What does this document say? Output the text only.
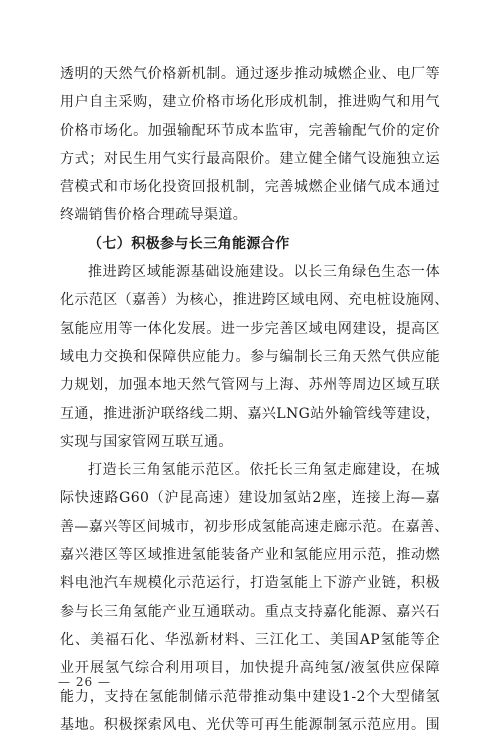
透明的天然气价格新机制。通过逐步推动城燃企业、电厂等
用户自主采购，建立价格市场化形成机制，推进购气和用气
价格市场化。加强输配环节成本监审，完善输配气价的定价
方式；对民生用气实行最高限价。建立健全储气设施独立运
营模式和市场化投资回报机制，完善城燃企业储气成本通过
终端销售价格合理疏导渠道。
（七）积极参与长三角能源合作
推进跨区域能源基础设施建设。以长三角绿色生态一体
化示范区（嘉善）为核心，推进跨区域电网、充电桩设施网、
氢能应用等一体化发展。进一步完善区域电网建设，提高区
域电力交换和保障供应能力。参与编制长三角天然气供应能
力规划，加强本地天然气管网与上海、苏州等周边区域互联
互通，推进浙沪联络线二期、嘉兴LNG站外输管线等建设，
实现与国家管网互联互通。
打造长三角氢能示范区。依托长三角氢走廊建设，在城
际快速路G60（沪昆高速）建设加氢站2座，连接上海—嘉
善—嘉兴等区间城市，初步形成氢能高速走廊示范。在嘉善、
嘉兴港区等区域推进氢能装备产业和氢能应用示范，推动燃
料电池汽车规模化示范运行，打造氢能上下游产业链，积极
参与长三角氢能产业互通联动。重点支持嘉化能源、嘉兴石
化、美福石化、华泓新材料、三江化工、美国AP氢能等企
业开展氢气综合利用项目，加快提升高纯氢/液氢供应保障
能力，支持在氢能制储示范带推动集中建设1-2个大型储氢
基地。积极探索风电、光伏等可再生能源制氢示范应用。围
— 26 —
